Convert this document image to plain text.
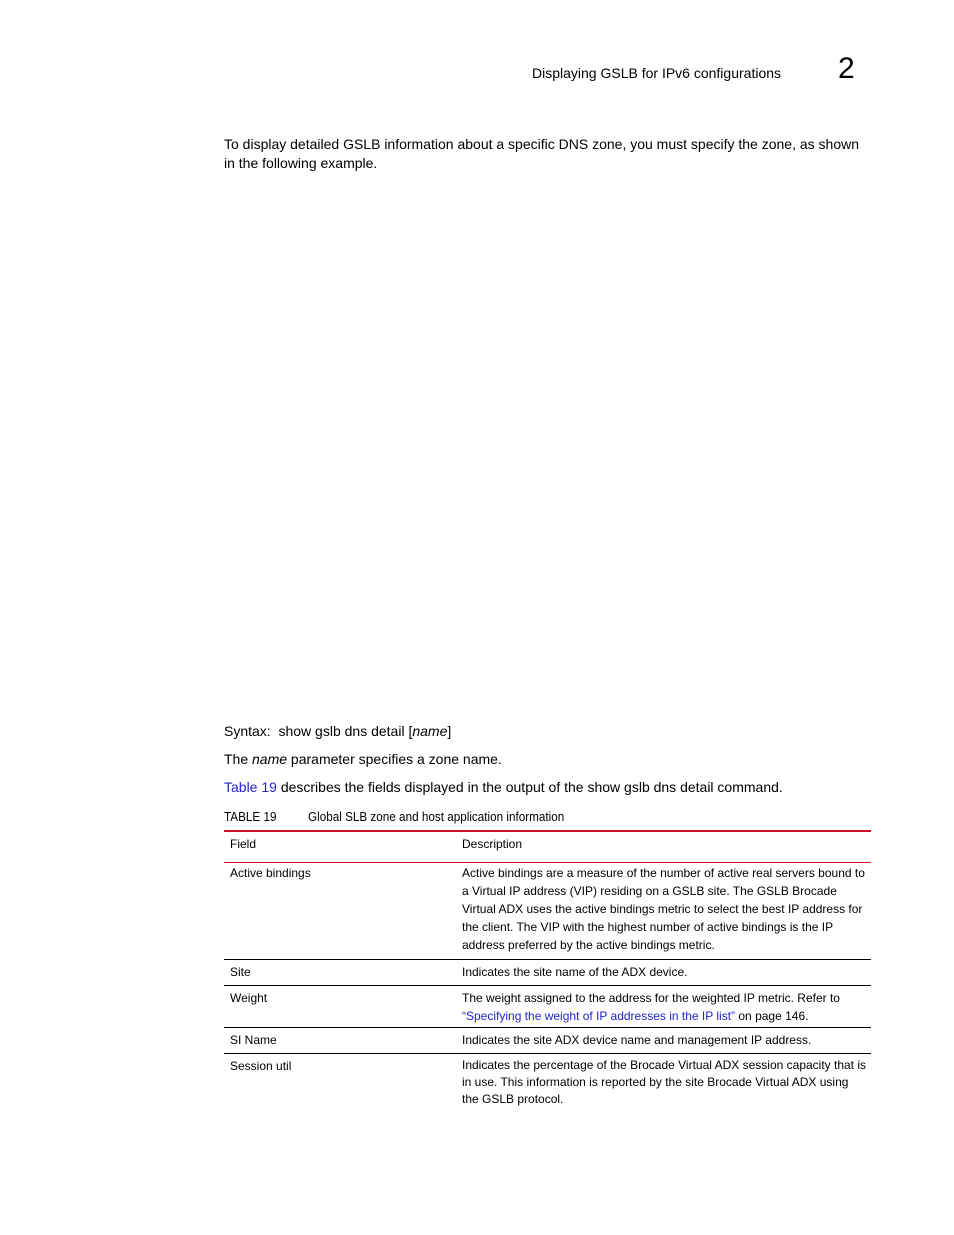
Displaying GSLB for IPv6 configurations 2
To display detailed GSLB information about a specific DNS zone, you must specify the zone, as shown in the following example.
Syntax: show gslb dns detail [name]
The name parameter specifies a zone name.
Table 19 describes the fields displayed in the output of the show gslb dns detail command.
TABLE 19 Global SLB zone and host application information
Field	Description
Active bindings	Active bindings are a measure of the number of active real servers bound to a Virtual IP address (VIP) residing on a GSLB site. The GSLB Brocade Virtual ADX uses the active bindings metric to select the best IP address for the client. The VIP with the highest number of active bindings is the IP address preferred by the active bindings metric.
Site	Indicates the site name of the ADX device.
Weight	The weight assigned to the address for the weighted IP metric. Refer to “Specifying the weight of IP addresses in the IP list” on page 146.
SI Name	Indicates the site ADX device name and management IP address.
Session util	Indicates the percentage of the Brocade Virtual ADX session capacity that is in use. This information is reported by the site Brocade Virtual ADX using the GSLB protocol.
